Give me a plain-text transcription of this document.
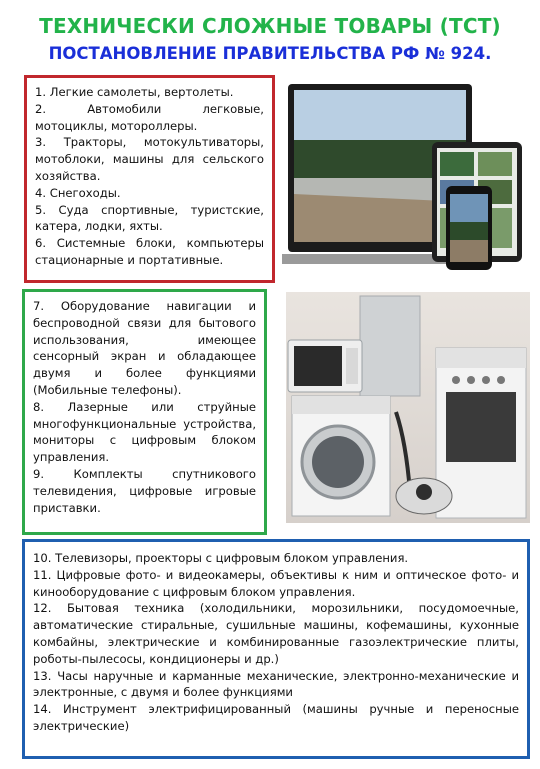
ТЕХНИЧЕСКИ СЛОЖНЫЕ ТОВАРЫ (ТСТ)
ПОСТАНОВЛЕНИЕ ПРАВИТЕЛЬСТВА РФ № 924.

1. Легкие самолеты, вертолеты.

2. Автомобили легковые, мотоциклы, мотороллеры.

3. Тракторы, мотокультиваторы, мотоблоки, машины для сельского хозяйства.

4. Снегоходы.

5. Суда спортивные, туристские, катера, лодки, яхты.

6. Системные блоки, компьютеры стационарные и портативные.

7. Оборудование навигации и беспроводной связи для бытового использования, имеющее сенсорный экран и обладающее двумя и более функциями (Мобильные телефоны).

8. Лазерные или струйные многофункциональные устройства, мониторы с цифровым блоком управления.

9. Комплекты спутникового телевидения, цифровые игровые приставки.

10. Телевизоры, проекторы с цифровым блоком управления.

11. Цифровые фото- и видеокамеры, объективы к ним и оптическое фото- и кинооборудование с цифровым блоком управления.

12. Бытовая техника (холодильники, морозильники, посудомоечные, автоматические стиральные, сушильные машины, кофемашины, кухонные комбайны, электрические и комбинированные газоэлектрические плиты, роботы-пылесосы, кондиционеры и др.)

13. Часы наручные и карманные механические, электронно-механические и электронные, с двумя и более функциями

14. Инструмент электрифицированный (машины ручные и переносные электрические)
